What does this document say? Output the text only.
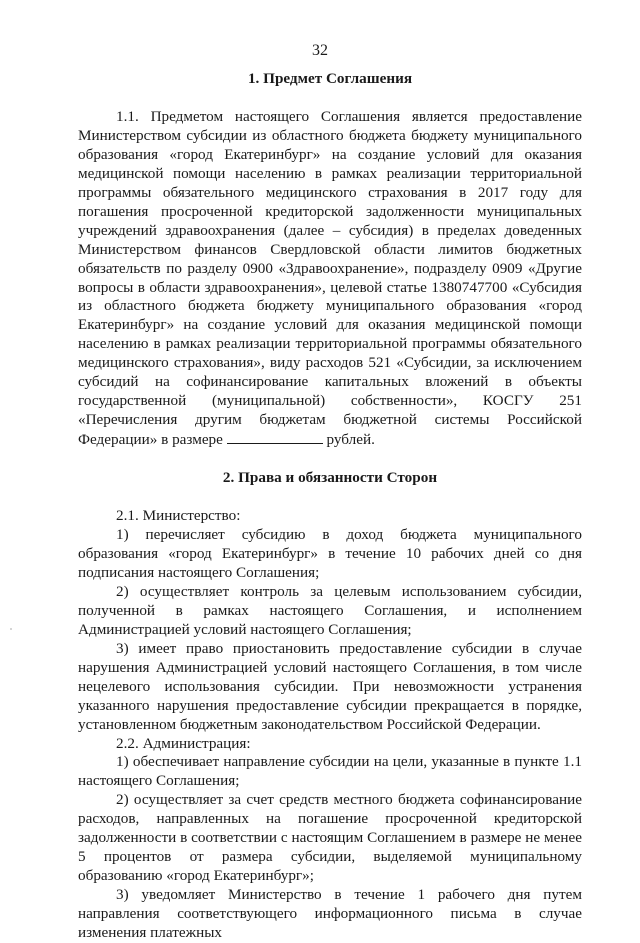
32

1. Предмет Соглашения

1.1. Предметом настоящего Соглашения является предоставление Министерством субсидии из областного бюджета бюджету муниципального образования «город Екатеринбург» на создание условий для оказания медицинской помощи населению в рамках реализации территориальной программы обязательного медицинского страхования в 2017 году для погашения просроченной кредиторской задолженности муниципальных учреждений здравоохранения (далее – субсидия) в пределах доведенных Министерством финансов Свердловской области лимитов бюджетных обязательств по разделу 0900 «Здравоохранение», подразделу 0909 «Другие вопросы в области здравоохранения», целевой статье 1380747700 «Субсидия из областного бюджета бюджету муниципального образования «город Екатеринбург» на создание условий для оказания медицинской помощи населению в рамках реализации территориальной программы обязательного медицинского страхования», виду расходов 521 «Субсидии, за исключением субсидий на софинансирование капитальных вложений в объекты государственной (муниципальной) собственности», КОСГУ 251 «Перечисления другим бюджетам бюджетной системы Российской Федерации» в размере	рублей.

2. Права и обязанности Сторон

2.1. Министерство:

1) перечисляет субсидию в доход бюджета муниципального образования «город Екатеринбург» в течение 10 рабочих дней со дня подписания настоящего Соглашения;

2) осуществляет контроль за целевым использованием субсидии, полученной в рамках настоящего Соглашения, и исполнением Администрацией условий настоящего Соглашения;

3) имеет право приостановить предоставление субсидии в случае нарушения Администрацией условий настоящего Соглашения, в том числе нецелевого использования субсидии. При невозможности устранения указанного нарушения предоставление субсидии прекращается в порядке, установленном бюджетным законодательством Российской Федерации.

2.2. Администрация:

1) обеспечивает направление субсидии на цели, указанные в пункте 1.1 настоящего Соглашения;

2) осуществляет за счет средств местного бюджета софинансирование расходов, направленных на погашение просроченной кредиторской задолженности в соответствии с настоящим Соглашением в размере не менее 5 процентов от размера субсидии, выделяемой муниципальному образованию «город Екатеринбург»;

3) уведомляет Министерство в течение 1 рабочего дня путем направления соответствующего информационного письма в случае изменения платежных
